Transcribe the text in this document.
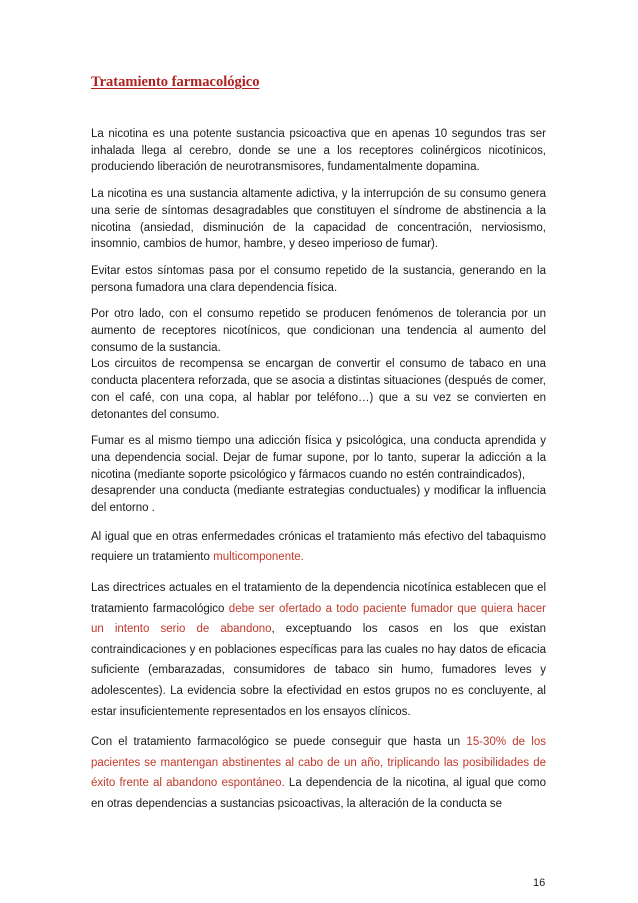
Tratamiento farmacológico

La nicotina es una potente sustancia psicoactiva que en apenas 10 segundos tras ser inhalada llega al cerebro, donde se une a los receptores colinérgicos nicotínicos, produciendo liberación de neurotransmisores, fundamentalmente dopamina.

La nicotina es una sustancia altamente adictiva, y la interrupción de su consumo genera una serie de síntomas desagradables que constituyen el síndrome de abstinencia a la nicotina (ansiedad, disminución de la capacidad de concentración, nerviosismo, insomnio, cambios de humor, hambre, y deseo imperioso de fumar).

Evitar estos síntomas pasa por el consumo repetido de la sustancia, generando en la persona fumadora una clara dependencia física.

Por otro lado, con el consumo repetido se producen fenómenos de tolerancia por un aumento de receptores nicotínicos, que condicionan una tendencia al aumento del consumo de la sustancia.

Los circuitos de recompensa se encargan de convertir el consumo de tabaco en una conducta placentera reforzada, que se asocia a distintas situaciones (después de comer, con el café, con una copa, al hablar por teléfono…) que a su vez se convierten en detonantes del consumo.

Fumar es al mismo tiempo una adicción física y psicológica, una conducta aprendida y una dependencia social. Dejar de fumar supone, por lo tanto, superar la adicción a la nicotina (mediante soporte psicológico y fármacos cuando no estén contraindicados),

desaprender una conducta (mediante estrategias conductuales) y modificar la influencia del entorno .

Al igual que en otras enfermedades crónicas el tratamiento más efectivo del tabaquismo requiere un tratamiento multicomponente.

Las directrices actuales en el tratamiento de la dependencia nicotínica establecen que el tratamiento farmacológico debe ser ofertado a todo paciente fumador que quiera hacer un intento serio de abandono, exceptuando los casos en los que existan contraindicaciones y en poblaciones específicas para las cuales no hay datos de eficacia suficiente (embarazadas, consumidores de tabaco sin humo, fumadores leves y adolescentes). La evidencia sobre la efectividad en estos grupos no es concluyente, al estar insuficientemente representados en los ensayos clínicos.

Con el tratamiento farmacológico se puede conseguir que hasta un 15-30% de los pacientes se mantengan abstinentes al cabo de un año, triplicando las posibilidades de éxito frente al abandono espontáneo. La dependencia de la nicotina, al igual que como en otras dependencias a sustancias psicoactivas, la alteración de la conducta se

16
